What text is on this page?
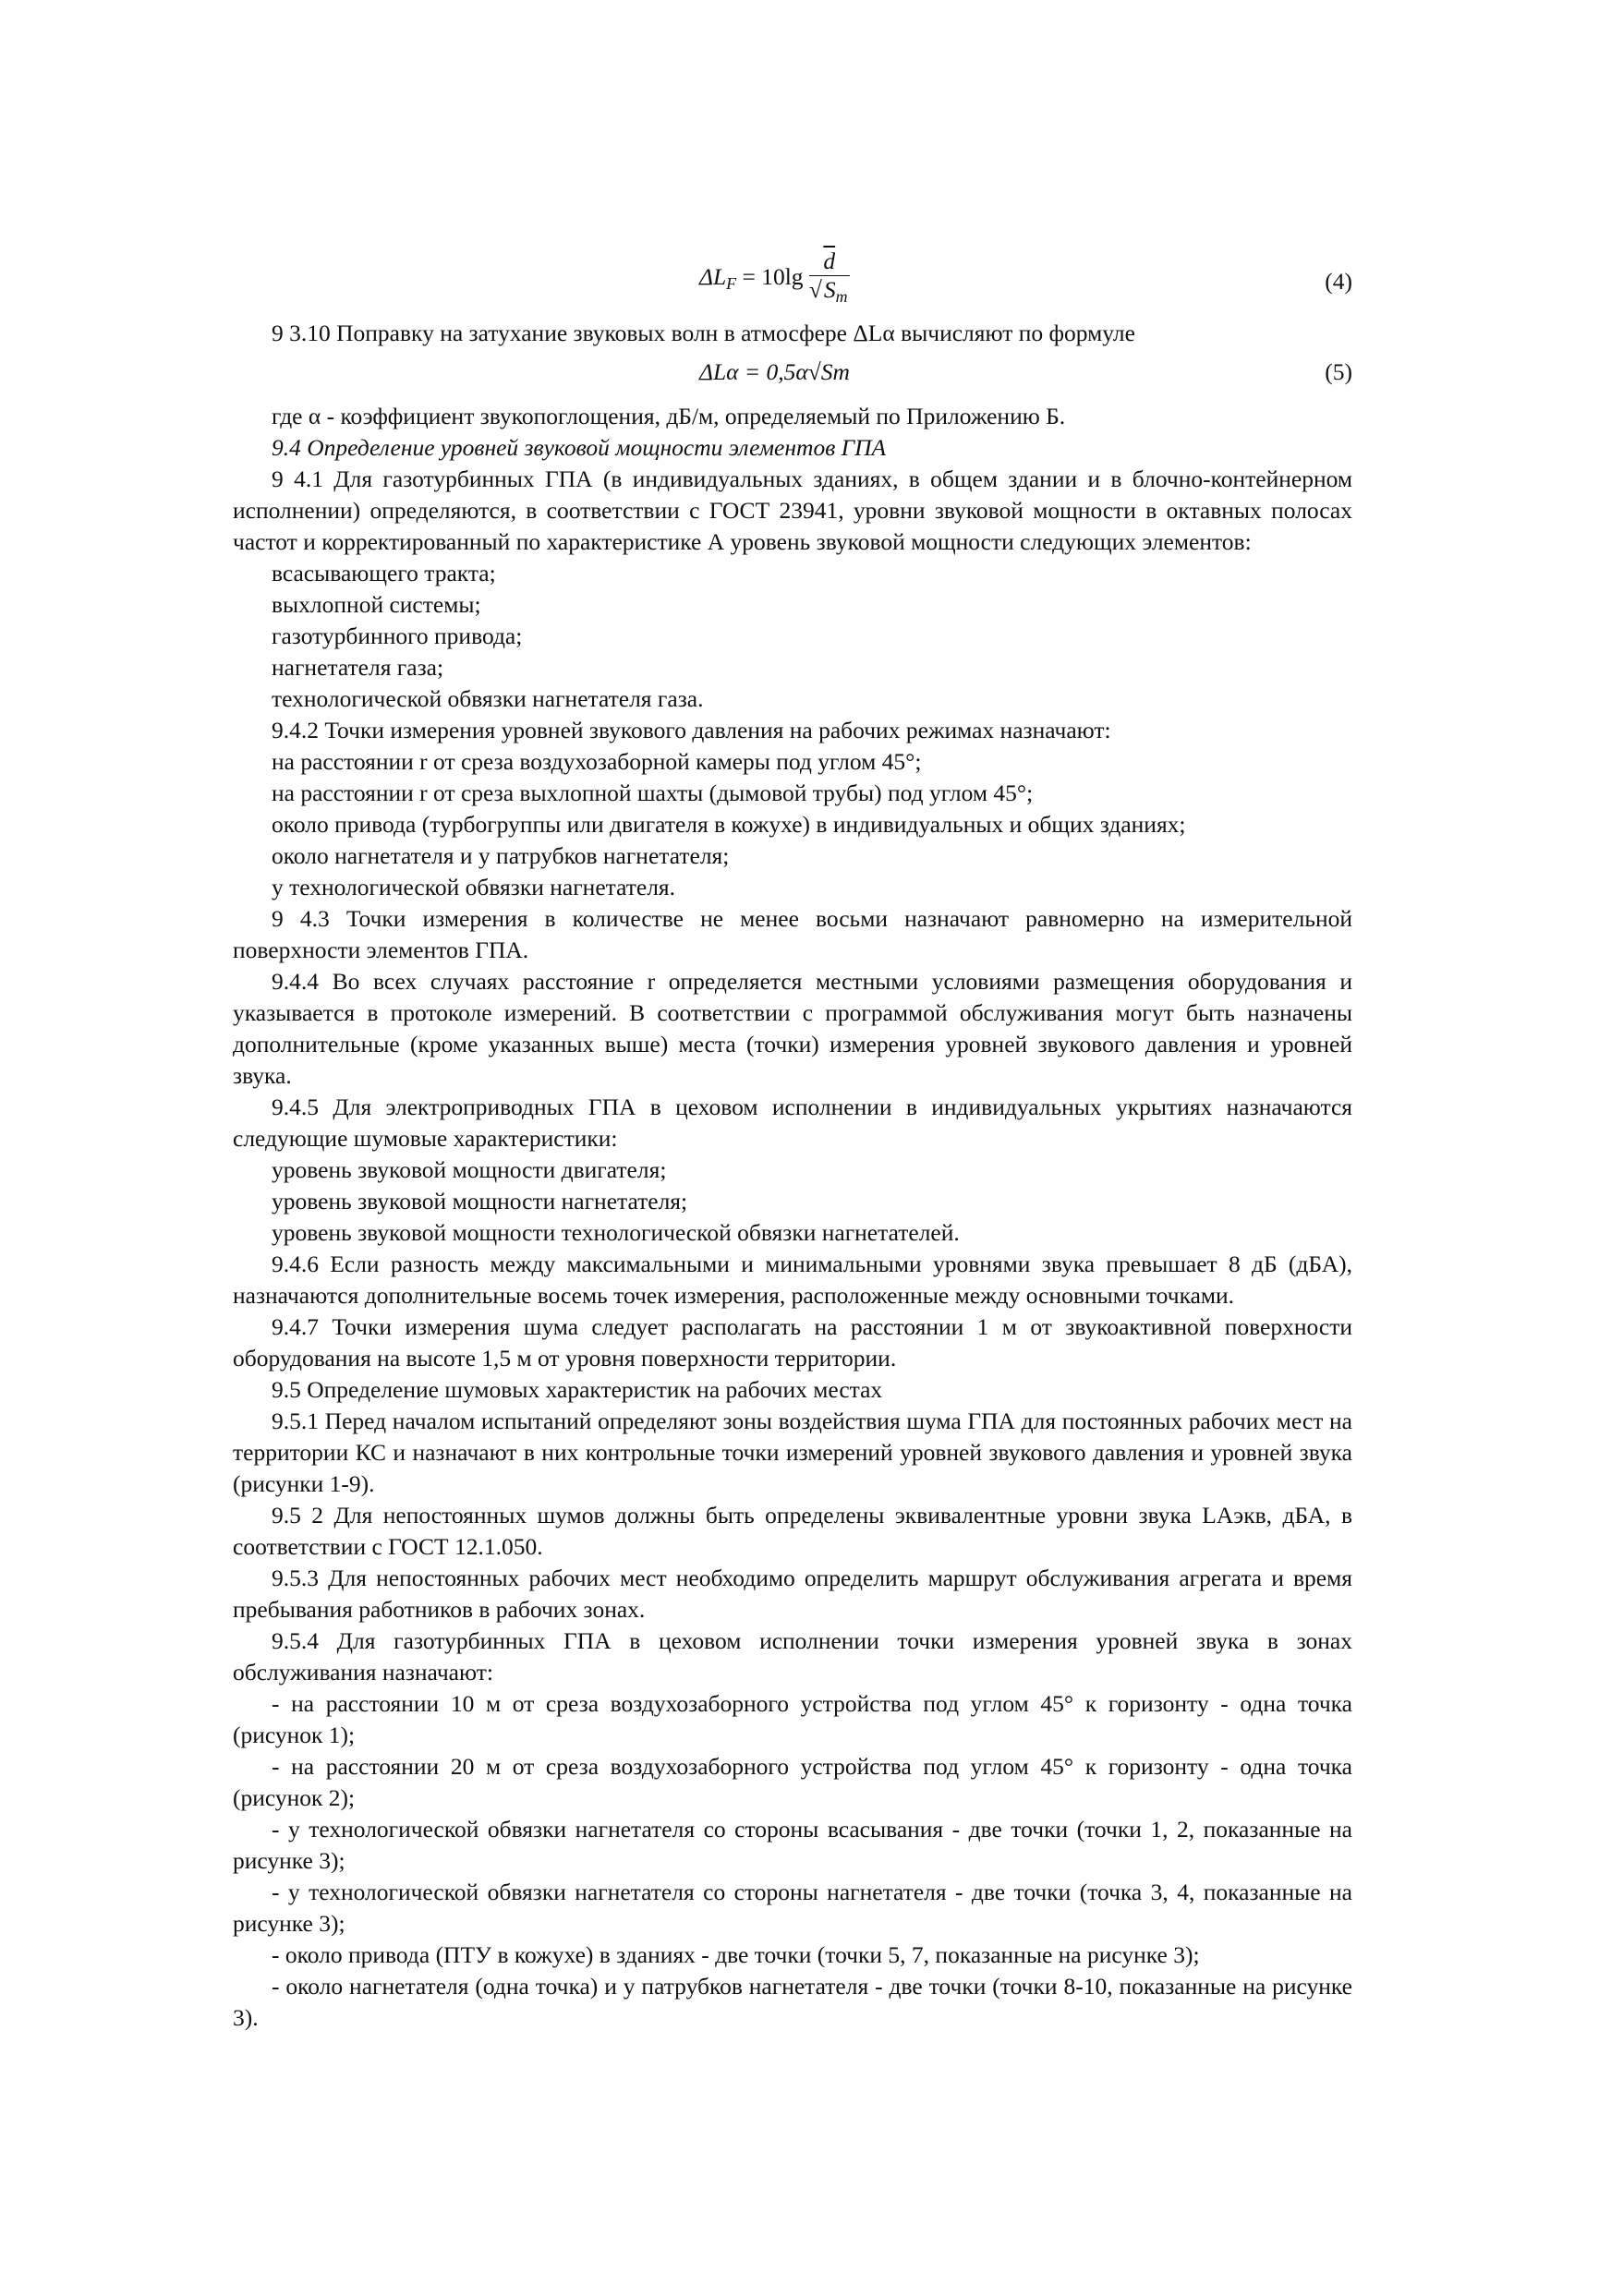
$\Delta L_F = 10\lg \frac{\overline{d}}{√S_m}$	(4)

9 3.10 Поправку на затухание звуковых волн в атмосфере ΔLα вычисляют по формуле

ΔLα = 0,5α√Sm	(5)

где α - коэффициент звукопоглощения, дБ/м, определяемый по Приложению Б.

9.4 Определение уровней звуковой мощности элементов ГПА

9 4.1 Для газотурбинных ГПА (в индивидуальных зданиях, в общем здании и в блочно-контейнерном исполнении) определяются, в соответствии с ГОСТ 23941, уровни звуковой мощности в октавных полосах частот и корректированный по характеристике А уровень звуковой мощности следующих элементов:

всасывающего тракта;

выхлопной системы;

газотурбинного привода;

нагнетателя газа;

технологической обвязки нагнетателя газа.

9.4.2 Точки измерения уровней звукового давления на рабочих режимах назначают:

на расстоянии r от среза воздухозаборной камеры под углом 45°;

на расстоянии r от среза выхлопной шахты (дымовой трубы) под углом 45°;

около привода (турбогруппы или двигателя в кожухе) в индивидуальных и общих зданиях;

около нагнетателя и у патрубков нагнетателя;

у технологической обвязки нагнетателя.

9 4.3 Точки измерения в количестве не менее восьми назначают равномерно на измерительной поверхности элементов ГПА.

9.4.4 Во всех случаях расстояние r определяется местными условиями размещения оборудования и указывается в протоколе измерений. В соответствии с программой обслуживания могут быть назначены дополнительные (кроме указанных выше) места (точки) измерения уровней звукового давления и уровней звука.

9.4.5 Для электроприводных ГПА в цеховом исполнении в индивидуальных укрытиях назначаются следующие шумовые характеристики:

уровень звуковой мощности двигателя;

уровень звуковой мощности нагнетателя;

уровень звуковой мощности технологической обвязки нагнетателей.

9.4.6 Если разность между максимальными и минимальными уровнями звука превышает 8 дБ (дБА), назначаются дополнительные восемь точек измерения, расположенные между основными точками.

9.4.7 Точки измерения шума следует располагать на расстоянии 1 м от звукоактивной поверхности оборудования на высоте 1,5 м от уровня поверхности территории.

9.5 Определение шумовых характеристик на рабочих местах

9.5.1 Перед началом испытаний определяют зоны воздействия шума ГПА для постоянных рабочих мест на территории КС и назначают в них контрольные точки измерений уровней звукового давления и уровней звука (рисунки 1-9).

9.5 2 Для непостоянных шумов должны быть определены эквивалентные уровни звука LAэкв, дБА, в соответствии с ГОСТ 12.1.050.

9.5.3 Для непостоянных рабочих мест необходимо определить маршрут обслуживания агрегата и время пребывания работников в рабочих зонах.

9.5.4 Для газотурбинных ГПА в цеховом исполнении точки измерения уровней звука в зонах обслуживания назначают:

- на расстоянии 10 м от среза воздухозаборного устройства под углом 45° к горизонту - одна точка (рисунок 1);

- на расстоянии 20 м от среза воздухозаборного устройства под углом 45° к горизонту - одна точка (рисунок 2);

- у технологической обвязки нагнетателя со стороны всасывания - две точки (точки 1, 2, показанные на рисунке 3);

- у технологической обвязки нагнетателя со стороны нагнетателя - две точки (точка 3, 4, показанные на рисунке 3);

- около привода (ПТУ в кожухе) в зданиях - две точки (точки 5, 7, показанные на рисунке 3);

- около нагнетателя (одна точка) и у патрубков нагнетателя - две точки (точки 8-10, показанные на рисунке 3).
